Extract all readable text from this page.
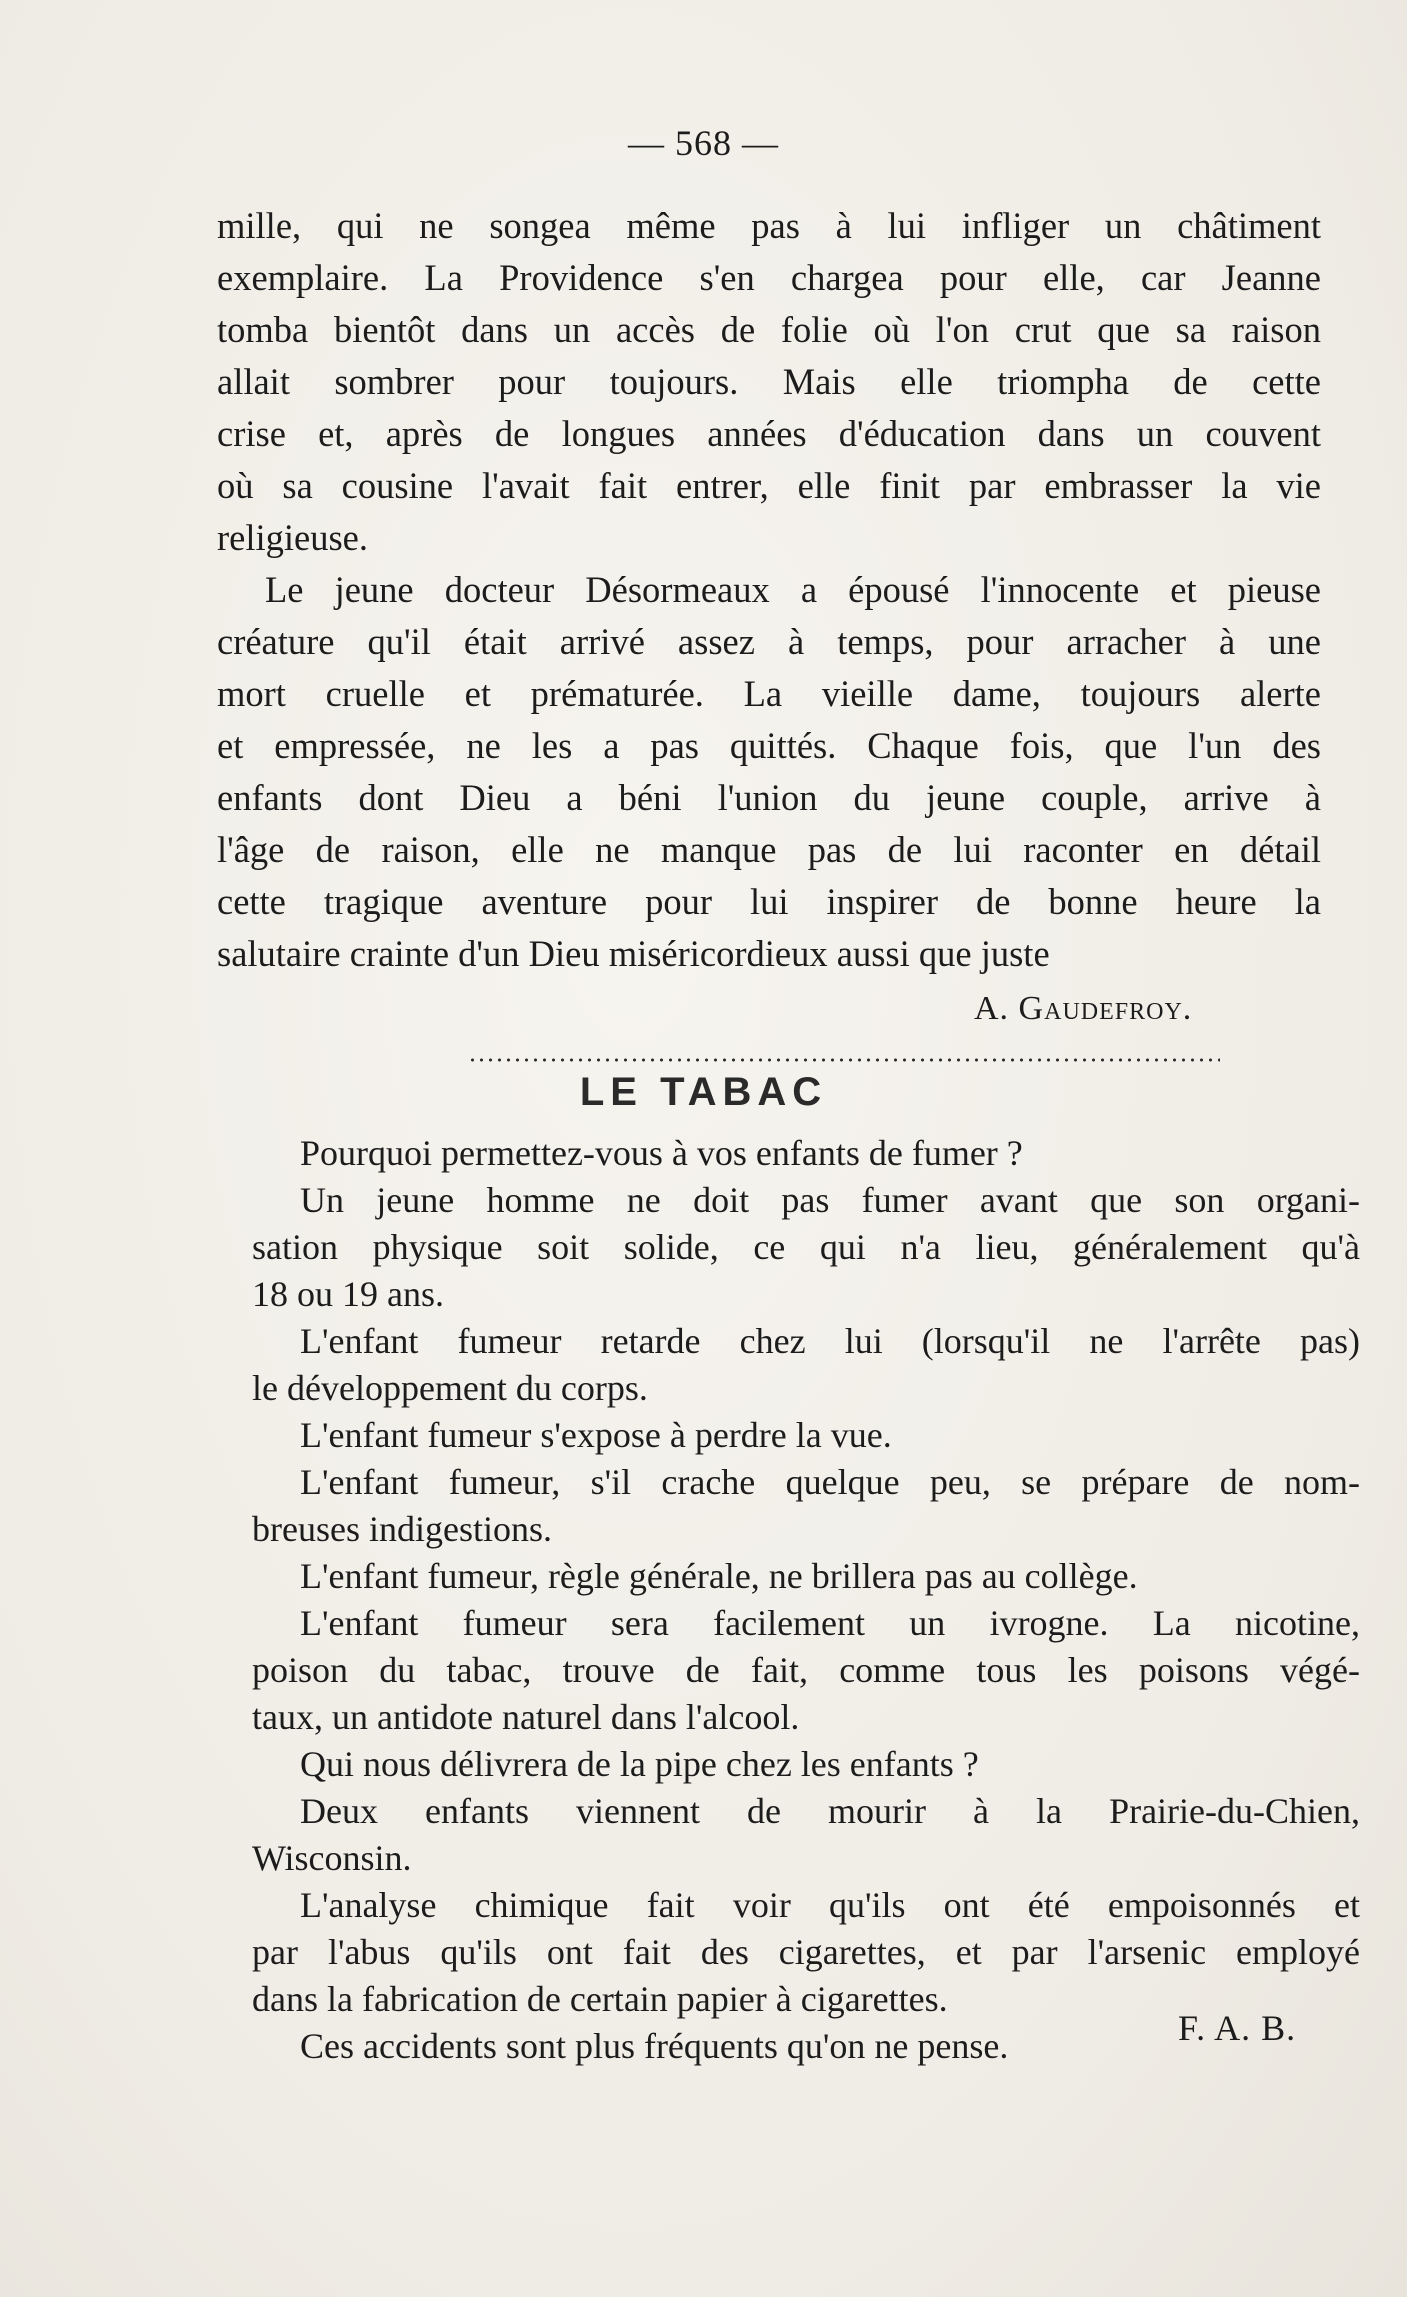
— 568 —

mille, qui ne songea même pas à lui infliger un châtiment
exemplaire. La Providence s'en chargea pour elle, car Jeanne
tomba bientôt dans un accès de folie où l'on crut que sa raison
allait sombrer pour toujours. Mais elle triompha de cette
crise et, après de longues années d'éducation dans un couvent
où sa cousine l'avait fait entrer, elle finit par embrasser la vie
religieuse.

Le jeune docteur Désormeaux a épousé l'innocente et pieuse
créature qu'il était arrivé assez à temps, pour arracher à une
mort cruelle et prématurée. La vieille dame, toujours alerte
et empressée, ne les a pas quittés. Chaque fois, que l'un des
enfants dont Dieu a béni l'union du jeune couple, arrive à
l'âge de raison, elle ne manque pas de lui raconter en détail
cette tragique aventure pour lui inspirer de bonne heure la
salutaire crainte d'un Dieu miséricordieux aussi que juste

A. Gaudefroy.
LE TABAC

Pourquoi permettez-vous à vos enfants de fumer ?

Un jeune homme ne doit pas fumer avant que son organi-
sation physique soit solide, ce qui n'a lieu, généralement qu'à
18 ou 19 ans.

L'enfant fumeur retarde chez lui (lorsqu'il ne l'arrête pas)
le développement du corps.

L'enfant fumeur s'expose à perdre la vue.

L'enfant fumeur, s'il crache quelque peu, se prépare de nom-
breuses indigestions.

L'enfant fumeur, règle générale, ne brillera pas au collège.

L'enfant fumeur sera facilement un ivrogne. La nicotine,
poison du tabac, trouve de fait, comme tous les poisons végé-
taux, un antidote naturel dans l'alcool.

Qui nous délivrera de la pipe chez les enfants ?

Deux enfants viennent de mourir à la Prairie-du-Chien,
Wisconsin.

L'analyse chimique fait voir qu'ils ont été empoisonnés et
par l'abus qu'ils ont fait des cigarettes, et par l'arsenic employé
dans la fabrication de certain papier à cigarettes.

Ces accidents sont plus fréquents qu'on ne pense.	F. A. B.
